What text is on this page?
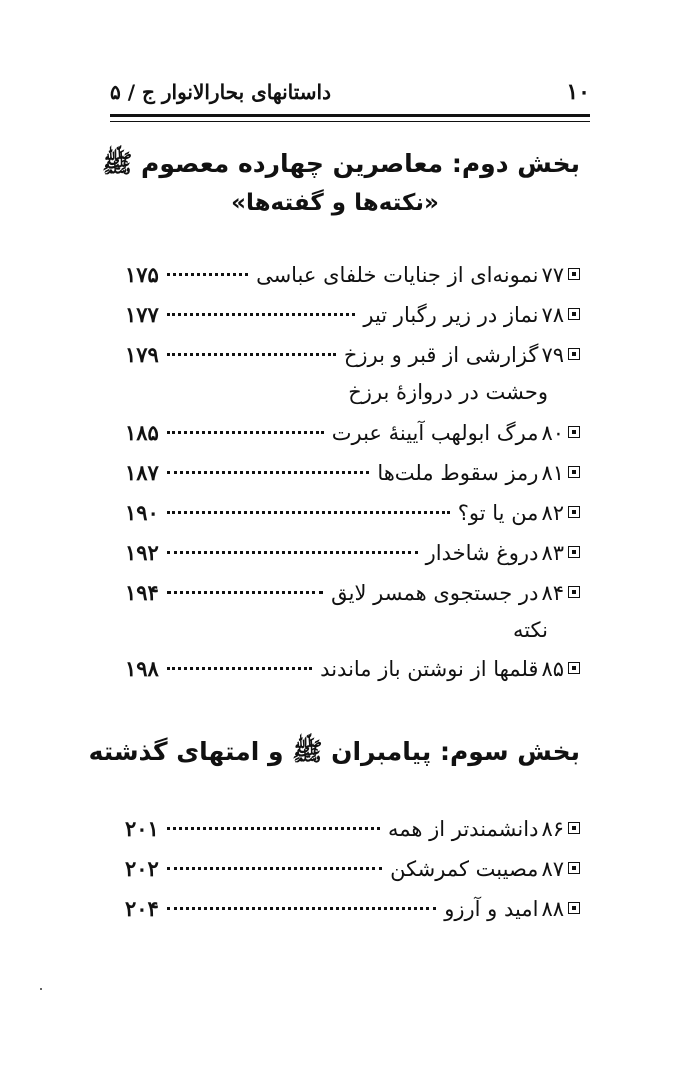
۱۰
داستانهای بحارالانوار ج / ۵
بخش دوم: معاصرین چهارده معصوم ﷺ
«نکته‌ها و گفته‌ها»
۷۷
نمونه‌ای از جنایات خلفای عباسی
۱۷۵
۷۸
نماز در زیر رگبار تیر
۱۷۷
۷۹
گزارشی از قبر و برزخ
۱۷۹
وحشت در دروازهٔ برزخ
۸۰
مرگ ابولهب آیینهٔ عبرت
۱۸۵
۸۱
رمز سقوط ملت‌ها
۱۸۷
۸۲
من یا تو؟
۱۹۰
۸۳
دروغ شاخدار
۱۹۲
۸۴
در جستجوی همسر لایق
۱۹۴
نکته
۸۵
قلمها از نوشتن باز ماندند
۱۹۸
بخش سوم: پیامبران ﷺ و امتهای گذشته
۸۶
دانشمندتر از همه
۲۰۱
۸۷
مصیبت کمرشکن
۲۰۲
۸۸
امید و آرزو
۲۰۴
